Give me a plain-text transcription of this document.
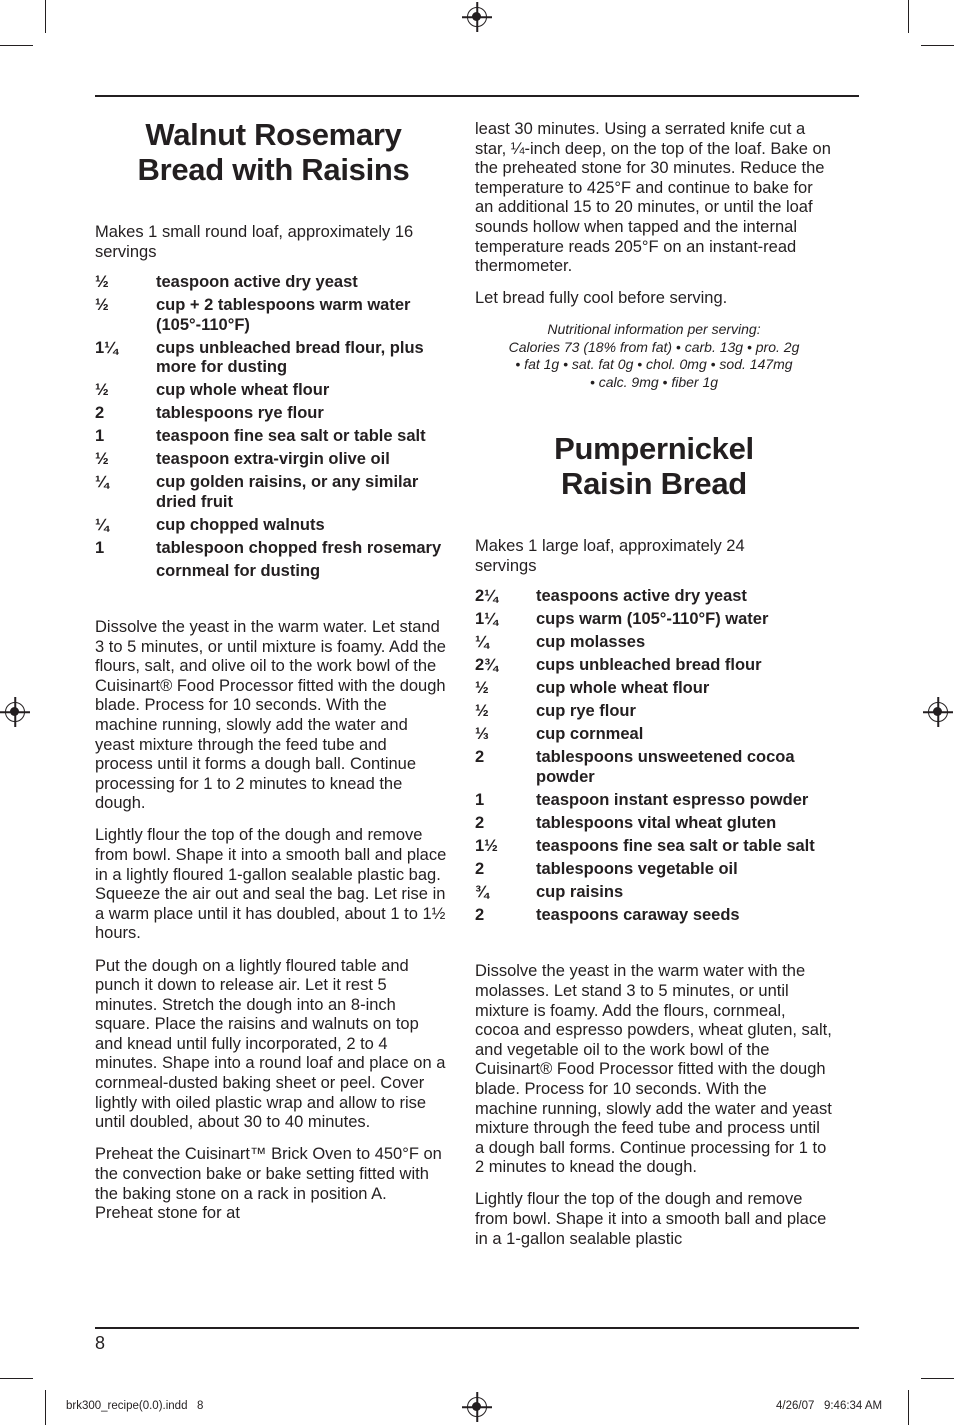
Walnut Rosemary
Bread with Raisins

Makes 1 small round loaf, approximately 16 servings

½	teaspoon active dry yeast
½	cup + 2 tablespoons warm water (105°-110°F)
1¼	cups unbleached bread flour, plus more for dusting
½	cup whole wheat flour
2	tablespoons rye flour
1	teaspoon fine sea salt or table salt
½	teaspoon extra-virgin olive oil
¼	cup golden raisins, or any similar dried fruit
¼	cup chopped walnuts
1	tablespoon chopped fresh rosemary
cornmeal for dusting

Dissolve the yeast in the warm water. Let stand 3 to 5 minutes, or until mixture is foamy. Add the flours, salt, and olive oil to the work bowl of the Cuisinart® Food Processor fitted with the dough blade. Process for 10 seconds. With the machine running, slowly add the water and yeast mixture through the feed tube and process until it forms a dough ball. Continue processing for 1 to 2 minutes to knead the dough.

Lightly flour the top of the dough and remove from bowl. Shape it into a smooth ball and place in a lightly floured 1-gallon sealable plastic bag. Squeeze the air out and seal the bag. Let rise in a warm place until it has doubled, about 1 to 1½ hours.

Put the dough on a lightly floured table and punch it down to release air. Let it rest 5 minutes. Stretch the dough into an 8-inch square. Place the raisins and walnuts on top and knead until fully incorporated, 2 to 4 minutes. Shape into a round loaf and place on a cornmeal-dusted baking sheet or peel. Cover lightly with oiled plastic wrap and allow to rise until doubled, about 30 to 40 minutes.

Preheat the Cuisinart™ Brick Oven to 450°F on the convection bake or bake setting fitted with the baking stone on a rack in position A. Preheat stone for at

least 30 minutes. Using a serrated knife cut a star, ¼-inch deep, on the top of the loaf. Bake on the preheated stone for 30 minutes. Reduce the temperature to 425°F and continue to bake for an additional 15 to 20 minutes, or until the loaf sounds hollow when tapped and the internal temperature reads 205°F on an instant-read thermometer.

Let bread fully cool before serving.

Nutritional information per serving:

Calories 73 (18% from fat) • carb. 13g • pro. 2g

• fat 1g • sat. fat 0g • chol. 0mg • sod. 147mg

• calc. 9mg • fiber 1g

Pumpernickel
Raisin Bread

Makes 1 large loaf, approximately 24 servings

2¼	teaspoons active dry yeast
1¼	cups warm (105°-110°F) water
¼	cup molasses
2¾	cups unbleached bread flour
½	cup whole wheat flour
½	cup rye flour
⅓	cup cornmeal
2	tablespoons unsweetened cocoa powder
1	teaspoon instant espresso powder
2	tablespoons vital wheat gluten
1½	teaspoons fine sea salt or table salt
2	tablespoons vegetable oil
¾	cup raisins
2	teaspoons caraway seeds

Dissolve the yeast in the warm water with the molasses. Let stand 3 to 5 minutes, or until mixture is foamy. Add the flours, cornmeal, cocoa and espresso powders, wheat gluten, salt, and vegetable oil to the work bowl of the Cuisinart® Food Processor fitted with the dough blade. Process for 10 seconds. With the machine running, slowly add the water and yeast mixture through the feed tube and process until a dough ball forms. Continue processing for 1 to 2 minutes to knead the dough.

Lightly flour the top of the dough and remove from bowl. Shape it into a smooth ball and place in a 1-gallon sealable plastic

8
brk300_recipe(0.0).indd   8	4/26/07   9:46:34 AM
